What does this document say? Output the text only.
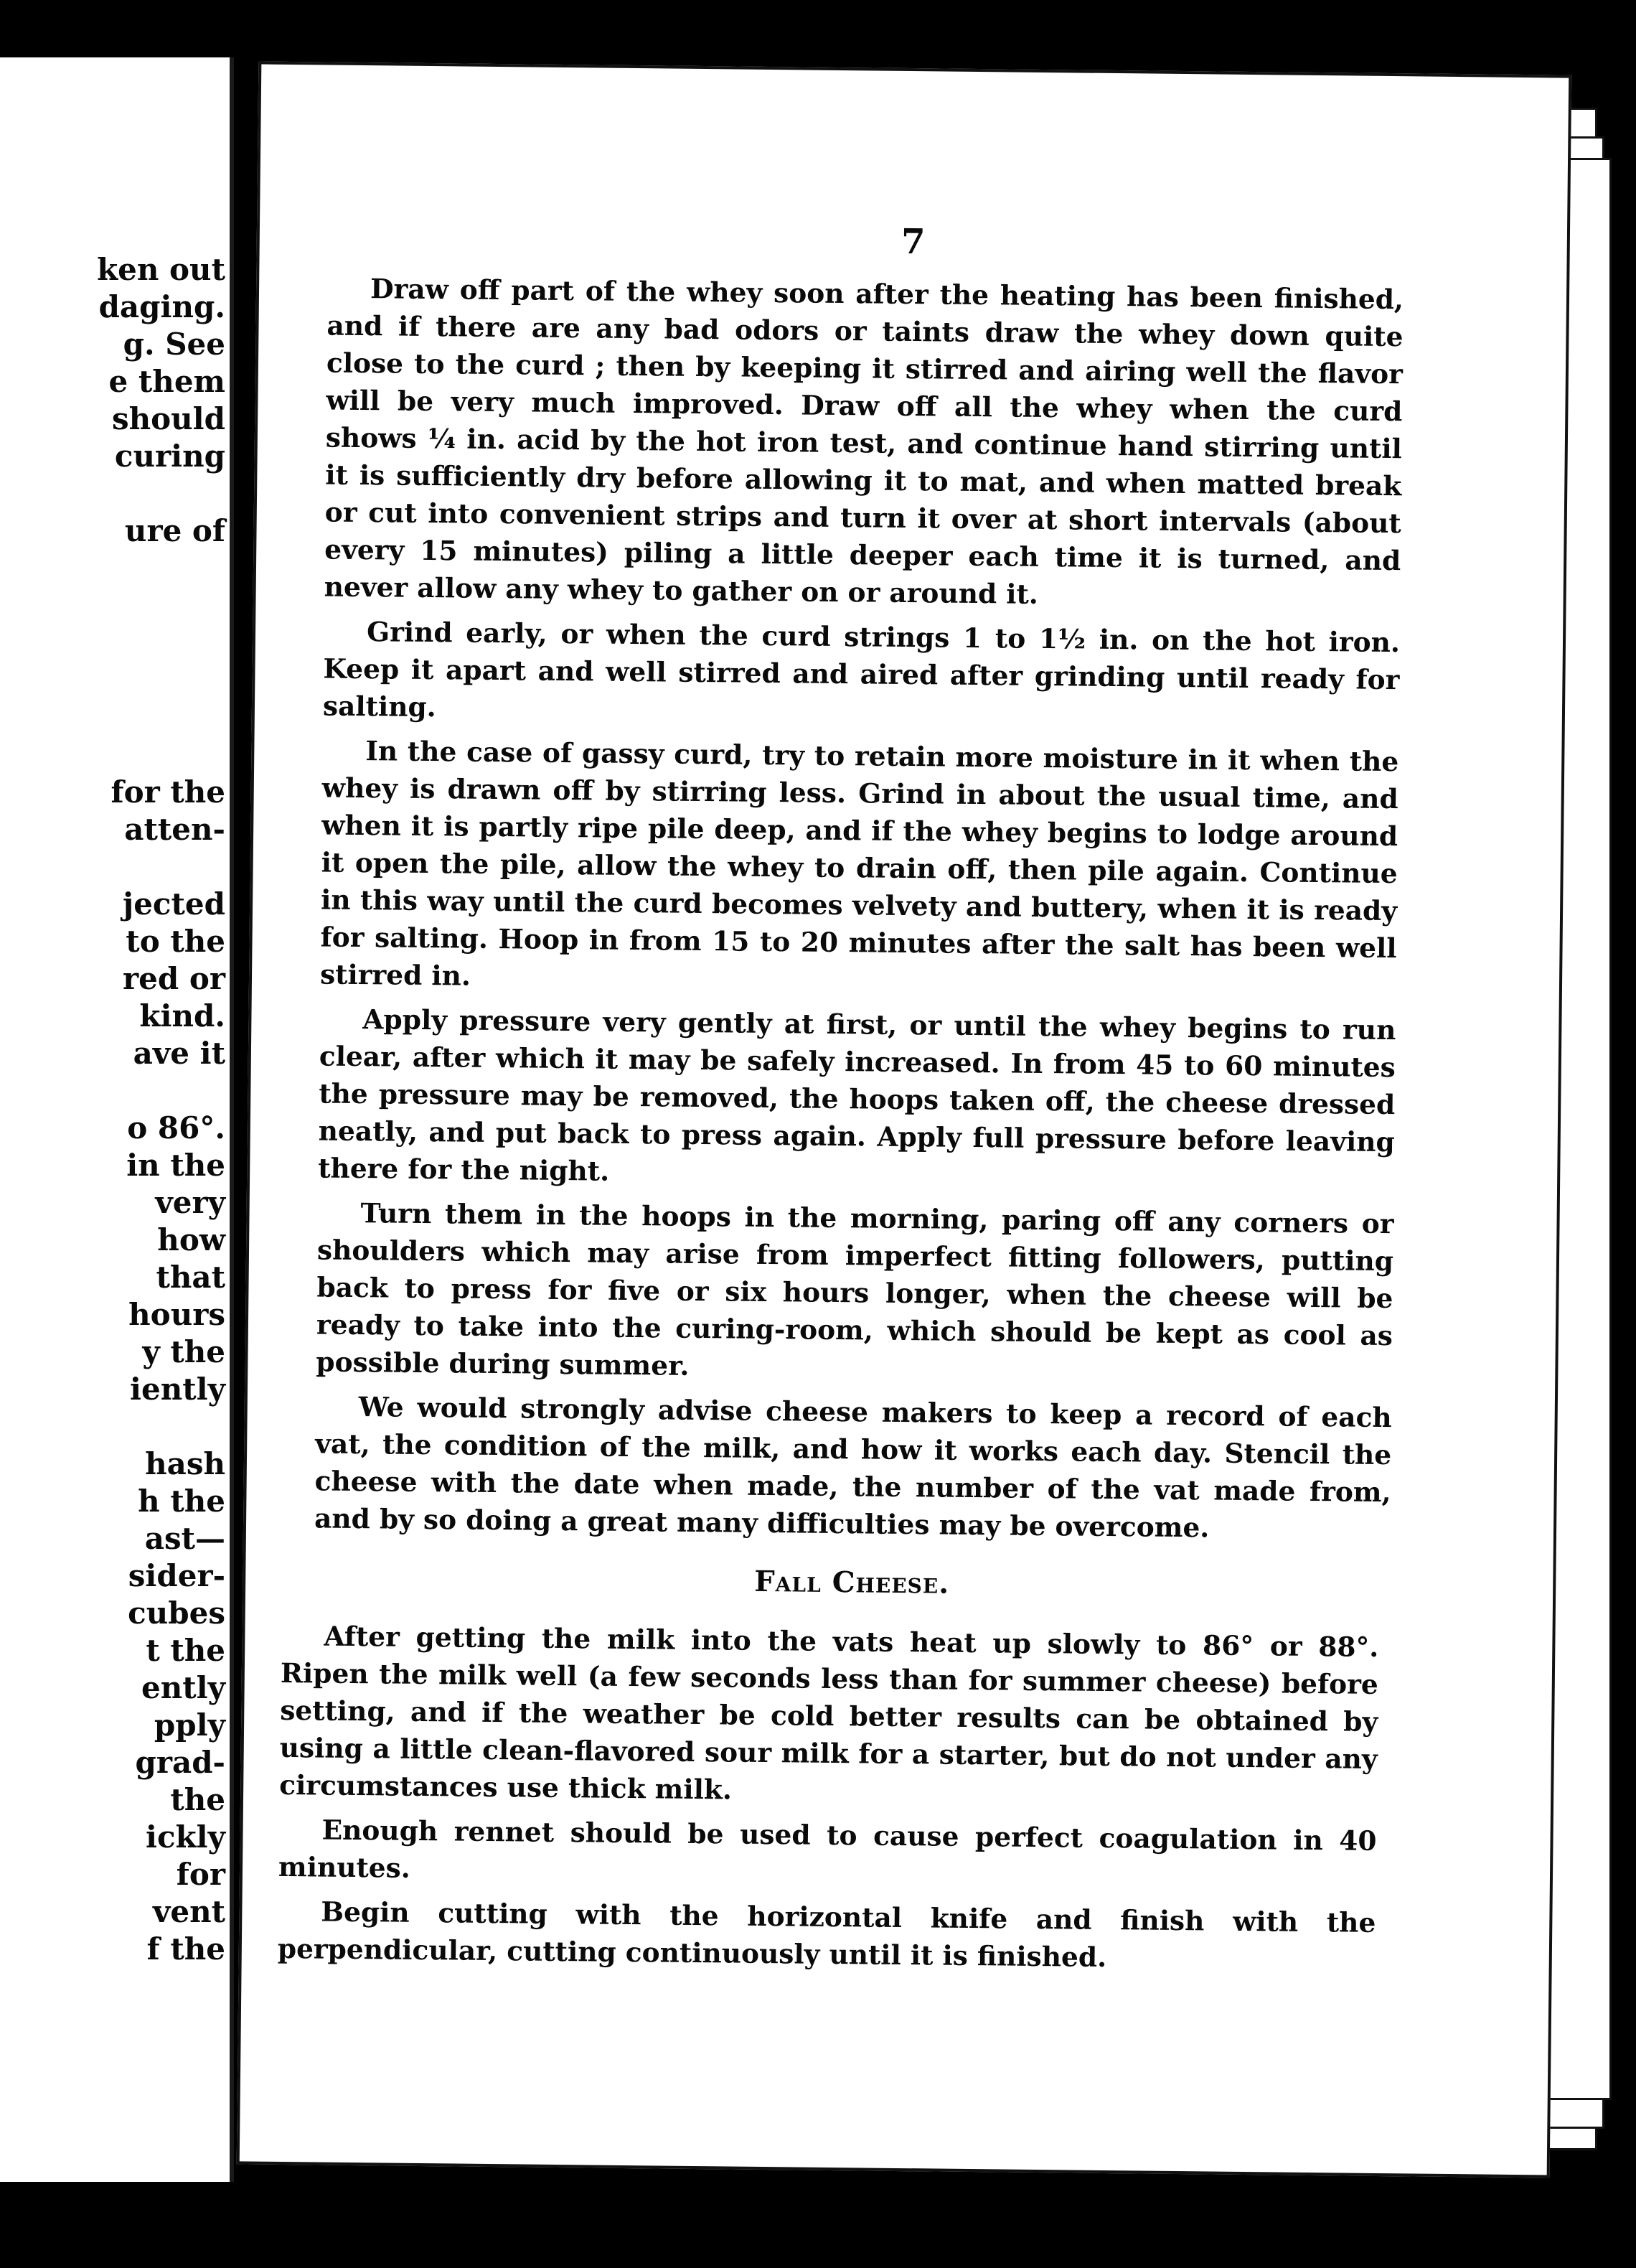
ken out
daging.
g. See
e them
should
curing
ure of
for the
atten-
jected
to the
red or
kind.
ave it
o 86°.
in the
very
how
that
hours
y the
iently
hash
h the
ast—
sider-
cubes
t the
ently
pply
grad-
the
ickly
for
vent
f the

7

Draw off part of the whey soon after the heating has been finished, and if there are any bad odors or taints draw the whey down quite close to the curd ; then by keeping it stirred and airing well the flavor will be very much improved. Draw off all the whey when the curd shows ¼ in. acid by the hot iron test, and continue hand stirring until it is sufficiently dry before allowing it to mat, and when matted break or cut into convenient strips and turn it over at short intervals (about every 15 minutes) piling a little deeper each time it is turned, and never allow any whey to gather on or around it.

Grind early, or when the curd strings 1 to 1½ in. on the hot iron. Keep it apart and well stirred and aired after grinding until ready for salting.

In the case of gassy curd, try to retain more moisture in it when the whey is drawn off by stirring less. Grind in about the usual time, and when it is partly ripe pile deep, and if the whey begins to lodge around it open the pile, allow the whey to drain off, then pile again. Continue in this way until the curd becomes velvety and buttery, when it is ready for salting. Hoop in from 15 to 20 minutes after the salt has been well stirred in.

Apply pressure very gently at first, or until the whey begins to run clear, after which it may be safely increased. In from 45 to 60 minutes the pressure may be removed, the hoops taken off, the cheese dressed neatly, and put back to press again. Apply full pressure before leaving there for the night.

Turn them in the hoops in the morning, paring off any corners or shoulders which may arise from imperfect fitting followers, putting back to press for five or six hours longer, when the cheese will be ready to take into the curing-room, which should be kept as cool as possible during summer.

We would strongly advise cheese makers to keep a record of each vat, the condition of the milk, and how it works each day. Stencil the cheese with the date when made, the number of the vat made from, and by so doing a great many difficulties may be overcome.

Fall Cheese.

After getting the milk into the vats heat up slowly to 86° or 88°. Ripen the milk well (a few seconds less than for summer cheese) before setting, and if the weather be cold better results can be obtained by using a little clean-flavored sour milk for a starter, but do not under any circumstances use thick milk.

Enough rennet should be used to cause perfect coagulation in 40 minutes.

Begin cutting with the horizontal knife and finish with the perpendicular, cutting continuously until it is finished.
